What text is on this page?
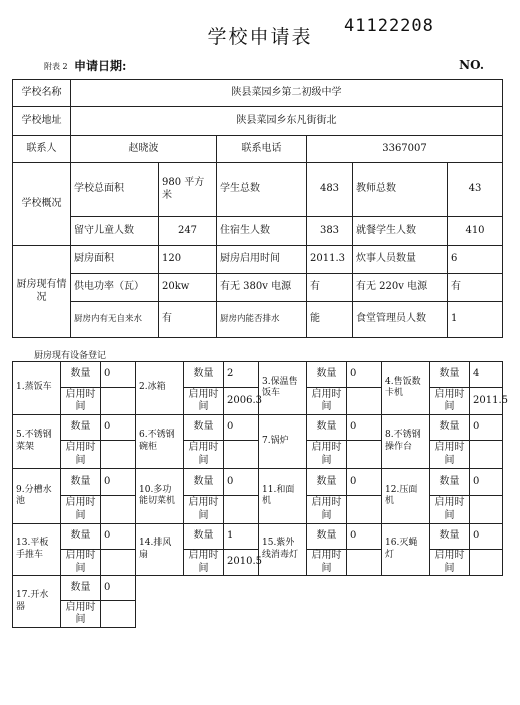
学校申请表	41122208
附表 2 申请日期:	NO.
学校名称	陕县菜园乡第二初级中学					
学校地址	陕县菜园乡东凡街街北					
联系人	赵晓波		联系电话	3367007		
学校概况	学校总面积	980 平方米	学生总数	483	教师总数	43
	留守儿童人数	247	住宿生人数	383	就餐学生人数	410
厨房现有情况	厨房面积	120	厨房启用时间	2011.3	炊事人员数量	6
	供电功率（瓦）	20kw	有无 380v 电源	有	有无 220v 电源	有
	厨房内有无自来水	有	厨房内能否排水	能	食堂管理员人数	1
厨房现有设备登记
1.蒸饭车	数量	0	2.冰箱	数量	2	3.保温售饭车	数量	0	4.售饭数卡机	数量	4
	启用时间			启用时间	2006.3		启用时间			启用时间	2011.5
5.不锈钢菜架	数量	0	6.不锈钢碗柜	数量	0	7.锅炉	数量	0	8.不锈钢操作台	数量	0
	启用时间			启用时间			启用时间			启用时间	
9.分槽水池	数量	0	10.多功能切菜机	数量	0	11.和面机	数量	0	12.压面机	数量	0
	启用时间			启用时间			启用时间			启用时间	
13.平板手推车	数量	0	14.排风扇	数量	1	15.紫外线消毒灯	数量	0	16.灭蝇灯	数量	0
	启用时间			启用时间	2010.5		启用时间			启用时间	
17.开水器	数量	0									
	启用时间										
